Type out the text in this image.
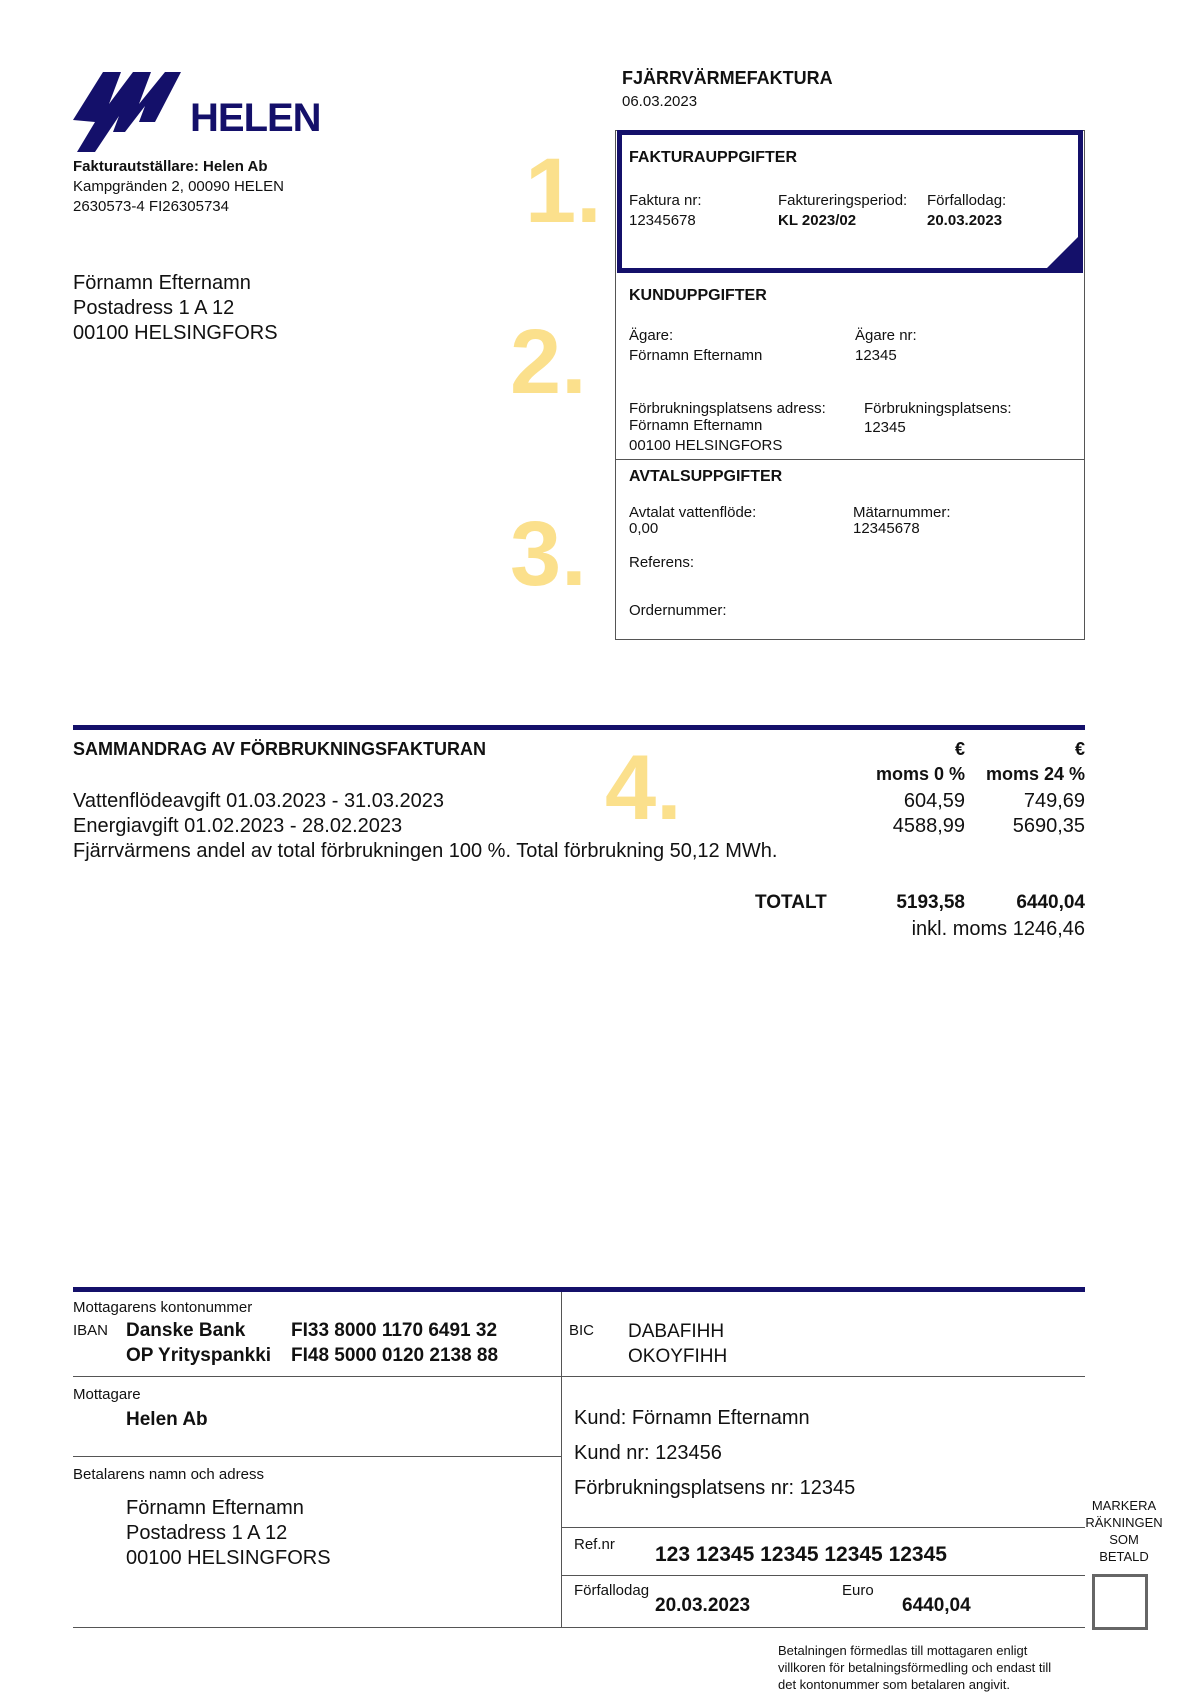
HELEN
Fakturautställare: Helen Ab
Kampgränden 2, 00090 HELEN
2630573-4 FI26305734
FJÄRRVÄRMEFAKTURA
06.03.2023
Förnamn Efternamn
Postadress 1 A 12
00100 HELSINGFORS
1.
2.
3.
4.
FAKTURAUPPGIFTER
Faktura nr:
12345678
Faktureringsperiod:
KL 2023/02
Förfallodag:
20.03.2023
KUNDUPPGIFTER
Ägare:
Förnamn Efternamn
Ägare nr:
12345
Förbrukningsplatsens adress:
Förnamn Efternamn
00100 HELSINGFORS
Förbrukningsplatsens:
12345
AVTALSUPPGIFTER
Avtalat vattenflöde:
0,00
Mätarnummer:
12345678
Referens:
Ordernummer:
SAMMANDRAG AV FÖRBRUKNINGSFAKTURAN	€	€
moms 0 %	moms 24 %
Vattenflödeavgift 01.03.2023 - 31.03.2023	604,59	749,69
Energiavgift 01.02.2023 - 28.02.2023	4588,99	5690,35
Fjärrvärmens andel av total förbrukningen 100 %. Total förbrukning 50,12 MWh.
TOTALT	5193,58	6440,04
inkl. moms 1246,46
Mottagarens kontonummer
IBAN Danske Bank FI33 8000 1170 6491 32
OP Yrityspankki FI48 5000 0120 2138 88
BIC DABAFIHH
OKOYFIHH
Mottagare
Helen Ab
Betalarens namn och adress
Förnamn Efternamn
Postadress 1 A 12
00100 HELSINGFORS
Kund: Förnamn Efternamn
Kund nr: 123456
Förbrukningsplatsens nr: 12345
Ref.nr 123 12345 12345 12345 12345
Förfallodag
20.03.2023
Euro
6440,04
MARKERA
RÄKNINGEN
SOM
BETALD
Betalningen förmedlas till mottagaren enligt
villkoren för betalningsförmedling och endast till
det kontonummer som betalaren angivit.
